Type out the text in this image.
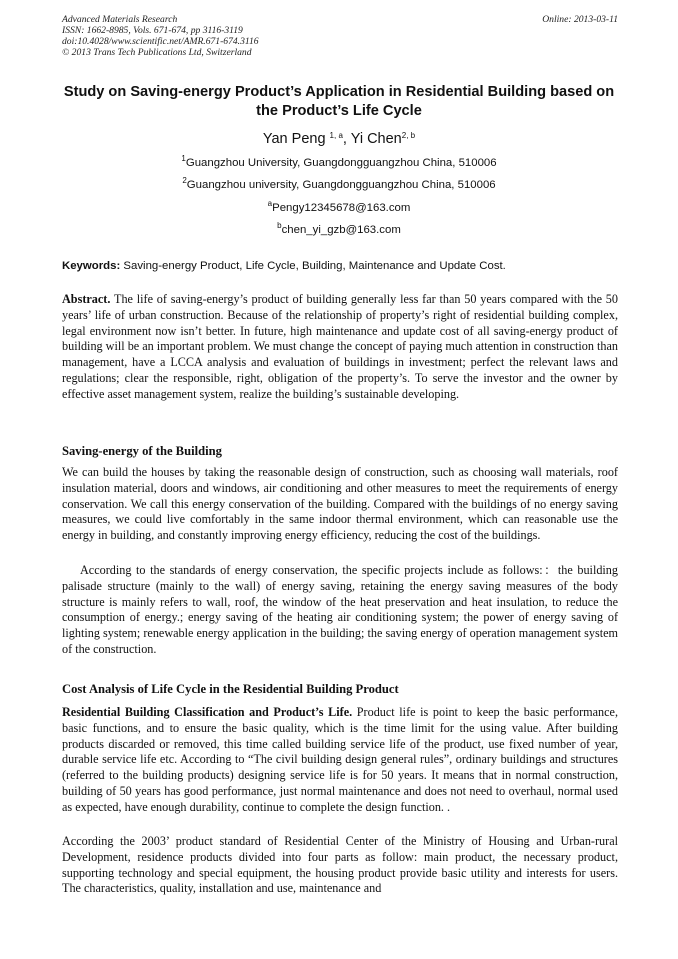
Advanced Materials Research
ISSN: 1662-8985, Vols. 671-674, pp 3116-3119
doi:10.4028/www.scientific.net/AMR.671-674.3116
© 2013 Trans Tech Publications Ltd, Switzerland
Online: 2013-03-11
Study on Saving-energy Product’s Application in Residential Building based on the Product’s Life Cycle
Yan Peng $^{1, a}$, Yi Chen$^{2, b}$
$^1$Guangzhou University, Guangdongguangzhou China, 510006
$^2$Guangzhou university, Guangdongguangzhou China, 510006
$^a$Pengy12345678@163.com
$^b$chen_yi_gzb@163.com
Keywords: Saving-energy Product, Life Cycle, Building, Maintenance and Update Cost.
Abstract. The life of saving-energy’s product of building generally less far than 50 years compared with the 50 years’ life of urban construction. Because of the relationship of property’s right of residential building complex, legal environment now isn’t better. In future, high maintenance and update cost of all saving-energy product of building will be an important problem. We must change the concept of paying much attention in construction than management, have a LCCA analysis and evaluation of buildings in investment; perfect the relevant laws and regulations; clear the responsible, right, obligation of the property’s. To serve the investor and the owner by effective asset management system, realize the building’s sustainable developing.
Saving-energy of the Building
We can build the houses by taking the reasonable design of construction, such as choosing wall materials, roof insulation material, doors and windows, air conditioning and other measures to meet the requirements of energy conservation. We call this energy conservation of the building. Compared with the buildings of no energy saving measures, we could live comfortably in the same indoor thermal environment, which can reasonable use the energy in building, and constantly improving energy efficiency, reducing the cost of the buildings.
According to the standards of energy conservation, the specific projects include as follows:：the building palisade structure (mainly to the wall) of energy saving, retaining the energy saving measures of the body structure is mainly refers to wall, roof, the window of the heat preservation and heat insulation, to reduce the consumption of energy.; energy saving of the heating air conditioning system; the power of energy saving of lighting system; renewable energy application in the building; the saving energy of operation management system of the construction.
Cost Analysis of Life Cycle in the Residential Building Product
Residential Building Classification and Product’s Life. Product life is point to keep the basic performance, basic functions, and to ensure the basic quality, which is the time limit for the using value. After building products discarded or removed, this time called building service life of the product, use fixed number of year, durable service life etc. According to “The civil building design general rules”, ordinary buildings and structures (referred to the building products) designing service life is for 50 years. It means that in normal construction, building of 50 years has good performance, just normal maintenance and does not need to overhaul, normal used as expected, have enough durability, continue to complete the design function. .
According the 2003’ product standard of Residential Center of the Ministry of Housing and Urban-rural Development, residence products divided into four parts as follow: main product, the necessary product, supporting technology and special equipment, the housing product provide basic utility and interests for users. The characteristics, quality, installation and use, maintenance and
